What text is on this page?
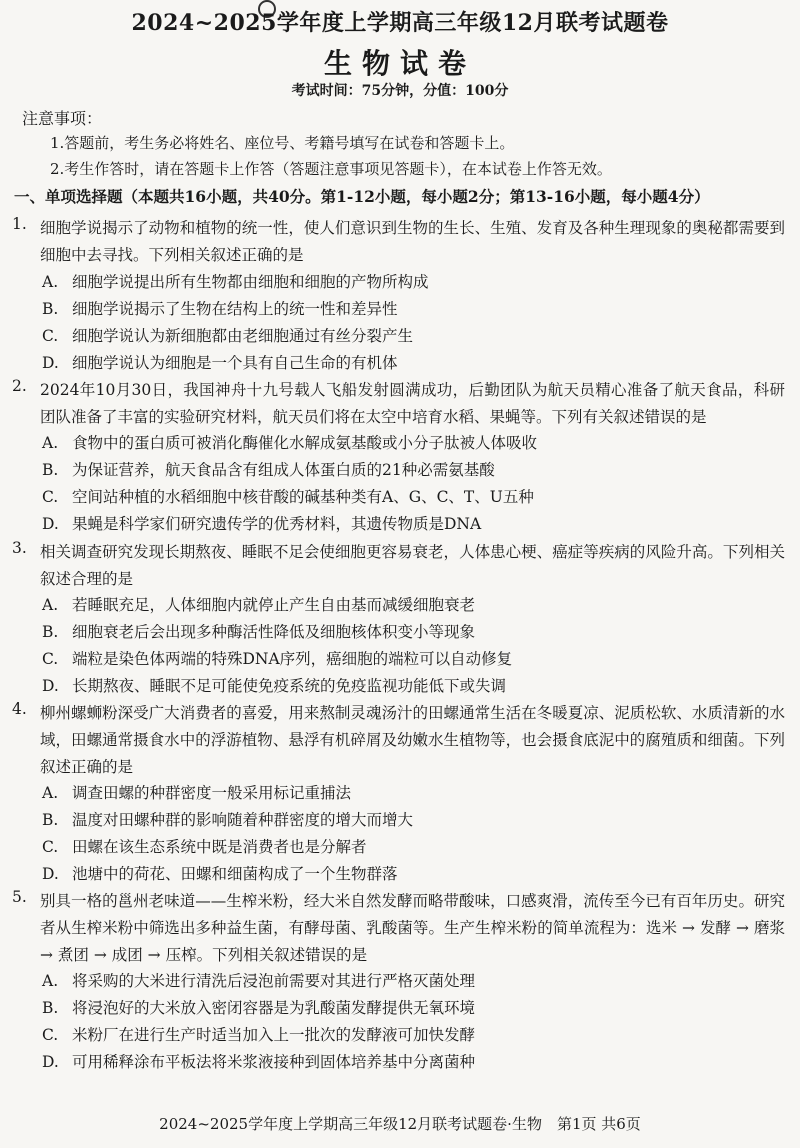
2024~2025学年度上学期高三年级12月联考试题卷
生物试卷
考试时间：75分钟，分值：100分
注意事项：
1.答题前，考生务必将姓名、座位号、考籍号填写在试卷和答题卡上。
2.考生作答时，请在答题卡上作答（答题注意事项见答题卡），在本试卷上作答无效。
一、单项选择题（本题共16小题，共40分。第1-12小题，每小题2分；第13-16小题，每小题4分）
1. 细胞学说揭示了动物和植物的统一性，使人们意识到生物的生长、生殖、发育及各种生理现象的奥秘都需要到细胞中去寻找。下列相关叙述正确的是
A. 细胞学说提出所有生物都由细胞和细胞的产物所构成
B. 细胞学说揭示了生物在结构上的统一性和差异性
C. 细胞学说认为新细胞都由老细胞通过有丝分裂产生
D. 细胞学说认为细胞是一个具有自己生命的有机体
2. 2024年10月30日，我国神舟十九号载人飞船发射圆满成功，后勤团队为航天员精心准备了航天食品，科研团队准备了丰富的实验研究材料，航天员们将在太空中培育水稻、果蝇等。下列有关叙述错误的是
A. 食物中的蛋白质可被消化酶催化水解成氨基酸或小分子肽被人体吸收
B. 为保证营养，航天食品含有组成人体蛋白质的21种必需氨基酸
C. 空间站种植的水稻细胞中核苷酸的碱基种类有A、G、C、T、U五种
D. 果蝇是科学家们研究遗传学的优秀材料，其遗传物质是DNA
3. 相关调查研究发现长期熬夜、睡眠不足会使细胞更容易衰老，人体患心梗、癌症等疾病的风险升高。下列相关叙述合理的是
A. 若睡眠充足，人体细胞内就停止产生自由基而减缓细胞衰老
B. 细胞衰老后会出现多种酶活性降低及细胞核体积变小等现象
C. 端粒是染色体两端的特殊DNA序列，癌细胞的端粒可以自动修复
D. 长期熬夜、睡眠不足可能使免疫系统的免疫监视功能低下或失调
4. 柳州螺蛳粉深受广大消费者的喜爱，用来熬制灵魂汤汁的田螺通常生活在冬暖夏凉、泥质松软、水质清新的水域，田螺通常摄食水中的浮游植物、悬浮有机碎屑及幼嫩水生植物等，也会摄食底泥中的腐殖质和细菌。下列叙述正确的是
A. 调查田螺的种群密度一般采用标记重捕法
B. 温度对田螺种群的影响随着种群密度的增大而增大
C. 田螺在该生态系统中既是消费者也是分解者
D. 池塘中的荷花、田螺和细菌构成了一个生物群落
5. 别具一格的邕州老味道——生榨米粉，经大米自然发酵而略带酸味，口感爽滑，流传至今已有百年历史。研究者从生榨米粉中筛选出多种益生菌，有酵母菌、乳酸菌等。生产生榨米粉的简单流程为：选米 → 发酵 → 磨浆 → 煮团 → 成团 → 压榨。下列相关叙述错误的是
A. 将采购的大米进行清洗后浸泡前需要对其进行严格灭菌处理
B. 将浸泡好的大米放入密闭容器是为乳酸菌发酵提供无氧环境
C. 米粉厂在进行生产时适当加入上一批次的发酵液可加快发酵
D. 可用稀释涂布平板法将米浆液接种到固体培养基中分离菌种
2024~2025学年度上学期高三年级12月联考试题卷·生物　第1页 共6页
